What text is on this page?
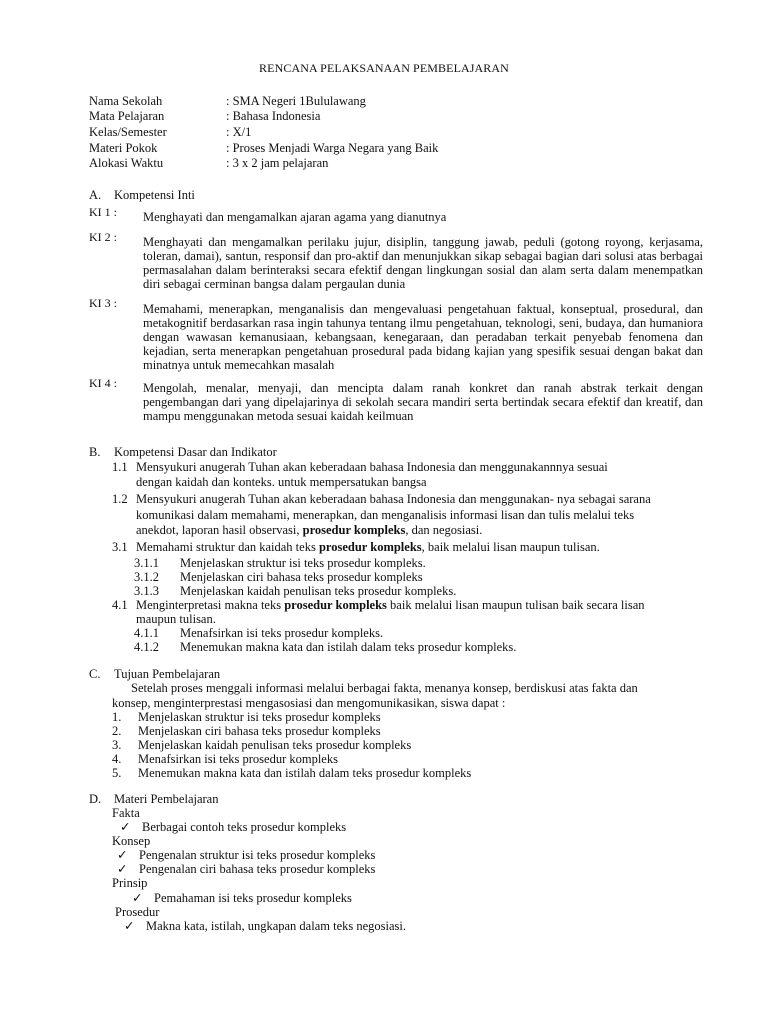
RENCANA PELAKSANAAN PEMBELAJARAN
Nama Sekolah	: SMA Negeri 1Bululawang
Mata Pelajaran	: Bahasa Indonesia
Kelas/Semester	: X/1
Materi Pokok	: Proses Menjadi Warga Negara yang Baik
Alokasi Waktu	: 3 x 2 jam pelajaran
A. Kompetensi Inti
KI 1 : Menghayati dan mengamalkan ajaran agama yang dianutnya
KI 2 : Menghayati dan mengamalkan perilaku jujur, disiplin, tanggung jawab, peduli (gotong royong, kerjasama, toleran, damai), santun, responsif dan pro-aktif dan menunjukkan sikap sebagai bagian dari solusi atas berbagai permasalahan dalam berinteraksi secara efektif dengan lingkungan sosial dan alam serta dalam menempatkan diri sebagai cerminan bangsa dalam pergaulan dunia
KI 3 : Memahami, menerapkan, menganalisis dan mengevaluasi pengetahuan faktual, konseptual, prosedural, dan metakognitif berdasarkan rasa ingin tahunya tentang ilmu pengetahuan, teknologi, seni, budaya, dan humaniora dengan wawasan kemanusiaan, kebangsaan, kenegaraan, dan peradaban terkait penyebab fenomena dan kejadian, serta menerapkan pengetahuan prosedural pada bidang kajian yang spesifik sesuai dengan bakat dan minatnya untuk memecahkan masalah
KI 4 : Mengolah, menalar, menyaji, dan mencipta dalam ranah konkret dan ranah abstrak terkait dengan pengembangan dari yang dipelajarinya di sekolah secara mandiri serta bertindak secara efektif dan kreatif, dan mampu menggunakan metoda sesuai kaidah keilmuan
B. Kompetensi Dasar dan Indikator
1.1 Mensyukuri anugerah Tuhan akan keberadaan bahasa Indonesia dan menggunakannnya sesuai
dengan kaidah dan konteks. untuk mempersatukan bangsa
1.2 Mensyukuri anugerah Tuhan akan keberadaan bahasa Indonesia dan menggunakan- nya sebagai sarana
komunikasi dalam memahami, menerapkan, dan menganalisis informasi lisan dan tulis melalui teks
anekdot, laporan hasil observasi, prosedur kompleks, dan negosiasi.
3.1 Memahami struktur dan kaidah teks prosedur kompleks, baik melalui lisan maupun tulisan.
3.1.1 Menjelaskan struktur isi teks prosedur kompleks.
3.1.2 Menjelaskan ciri bahasa teks prosedur kompleks
3.1.3 Menjelaskan kaidah penulisan teks prosedur kompleks.
4.1 Menginterpretasi makna teks prosedur kompleks baik melalui lisan maupun tulisan baik secara lisan
maupun tulisan.
4.1.1 Menafsirkan isi teks prosedur kompleks.
4.1.2 Menemukan makna kata dan istilah dalam teks prosedur kompleks.
C. Tujuan Pembelajaran
Setelah proses menggali informasi melalui berbagai fakta, menanya konsep, berdiskusi atas fakta dan
konsep, menginterprestasi mengasosiasi dan mengomunikasikan, siswa dapat :
1. Menjelaskan struktur isi teks prosedur kompleks
2. Menjelaskan ciri bahasa teks prosedur kompleks
3. Menjelaskan kaidah penulisan teks prosedur kompleks
4. Menafsirkan isi teks prosedur kompleks
5. Menemukan makna kata dan istilah dalam teks prosedur kompleks
D. Materi Pembelajaran
Fakta
✓ Berbagai contoh teks prosedur kompleks
Konsep
✓ Pengenalan struktur isi teks prosedur kompleks
✓ Pengenalan ciri bahasa teks prosedur kompleks
Prinsip
✓ Pemahaman isi teks prosedur kompleks
Prosedur
✓ Makna kata, istilah, ungkapan dalam teks negosiasi.
